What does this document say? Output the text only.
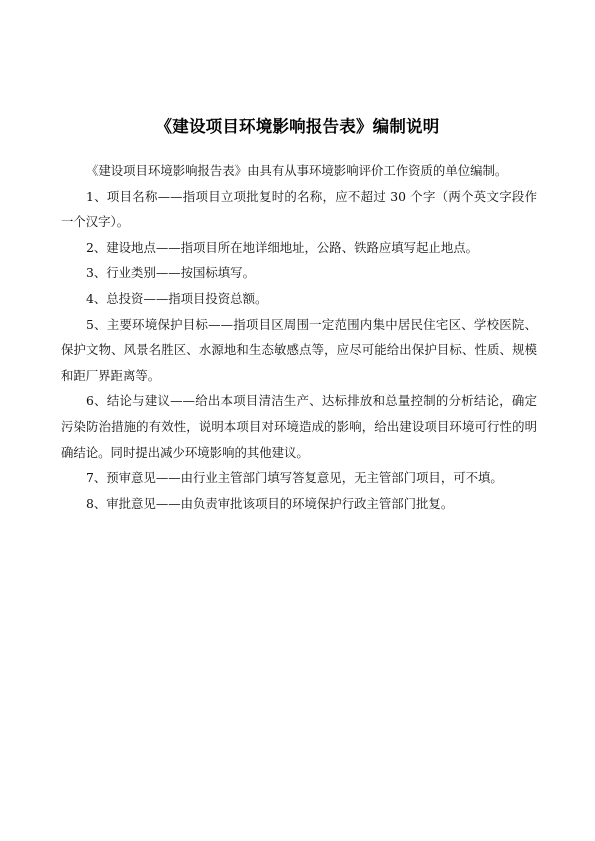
《建设项目环境影响报告表》编制说明

《建设项目环境影响报告表》由具有从事环境影响评价工作资质的单位编制。

1、项目名称——指项目立项批复时的名称，应不超过 30 个字（两个英文字段作一个汉字）。

2、建设地点——指项目所在地详细地址，公路、铁路应填写起止地点。

3、行业类别——按国标填写。

4、总投资——指项目投资总额。

5、主要环境保护目标——指项目区周围一定范围内集中居民住宅区、学校医院、保护文物、风景名胜区、水源地和生态敏感点等，应尽可能给出保护目标、性质、规模和距厂界距离等。

6、结论与建议——给出本项目清洁生产、达标排放和总量控制的分析结论，确定污染防治措施的有效性，说明本项目对环境造成的影响，给出建设项目环境可行性的明确结论。同时提出减少环境影响的其他建议。

7、预审意见——由行业主管部门填写答复意见，无主管部门项目，可不填。

8、审批意见——由负责审批该项目的环境保护行政主管部门批复。
